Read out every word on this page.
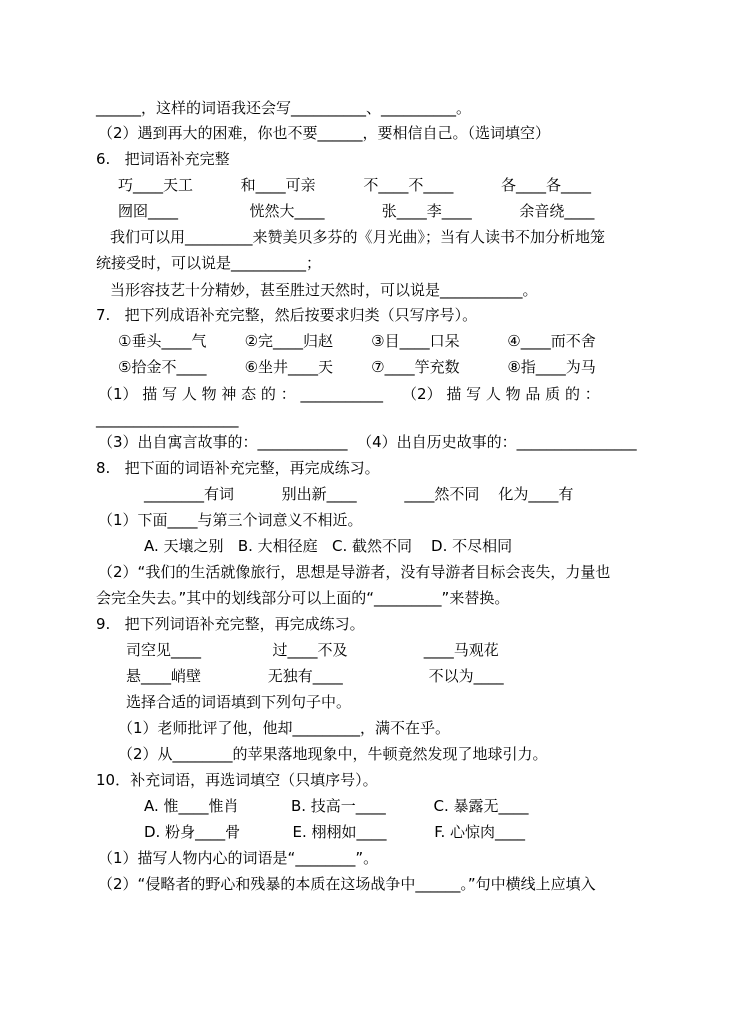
______，这样的词语我还会写__________、__________。
（2）遇到再大的困难，你也不要______，要相信自己。（选词填空）
6.   把词语补充完整
巧____天工          和____可亲          不____不____          各____各____
囫囵____               恍然大____            张____李____          余音绕____
我们可以用_________来赞美贝多芬的《月光曲》；当有人读书不加分析地笼
统接受时，可以说是__________；
当形容技艺十分精妙，甚至胜过天然时，可以说是___________。
7.   把下列成语补充完整，然后按要求归类（只写序号）。
①垂头____气        ②完____归赵        ③目____口呆          ④____而不舍
⑤拾金不____        ⑥坐井____天        ⑦____竽充数          ⑧指____为马
（1） 描 写 人 物 神 态 的 ： ___________    （2） 描 写 人 物 品 质 的 ：
___________________
（3）出自寓言故事的：____________  （4）出自历史故事的：________________
8.   把下面的词语补充完整，再完成练习。
________有词          别出新____          ____然不同    化为____有
（1）下面____与第三个词意义不相近。
A. 天壤之别   B. 大相径庭   C. 截然不同    D. 不尽相同
（2）“我们的生活就像旅行，思想是导游者，没有导游者目标会丧失，力量也
会完全失去。”其中的划线部分可以上面的“_________”来替换。
9.   把下列词语补充完整，再完成练习。
司空见____               过____不及                ____马观花
悬____峭壁              无独有____                  不以为____
选择合适的词语填到下列句子中。
（1）老师批评了他，他却_________，满不在乎。
（2）从________的苹果落地现象中，牛顿竟然发现了地球引力。
10．补充词语，再选词填空（只填序号）。
A. 惟____惟肖           B. 技高一____          C. 暴露无____
D. 粉身____骨           E. 栩栩如____          F. 心惊肉____
（1）描写人物内心的词语是“________”。
（2）“侵略者的野心和残暴的本质在这场战争中______。”句中横线上应填入
